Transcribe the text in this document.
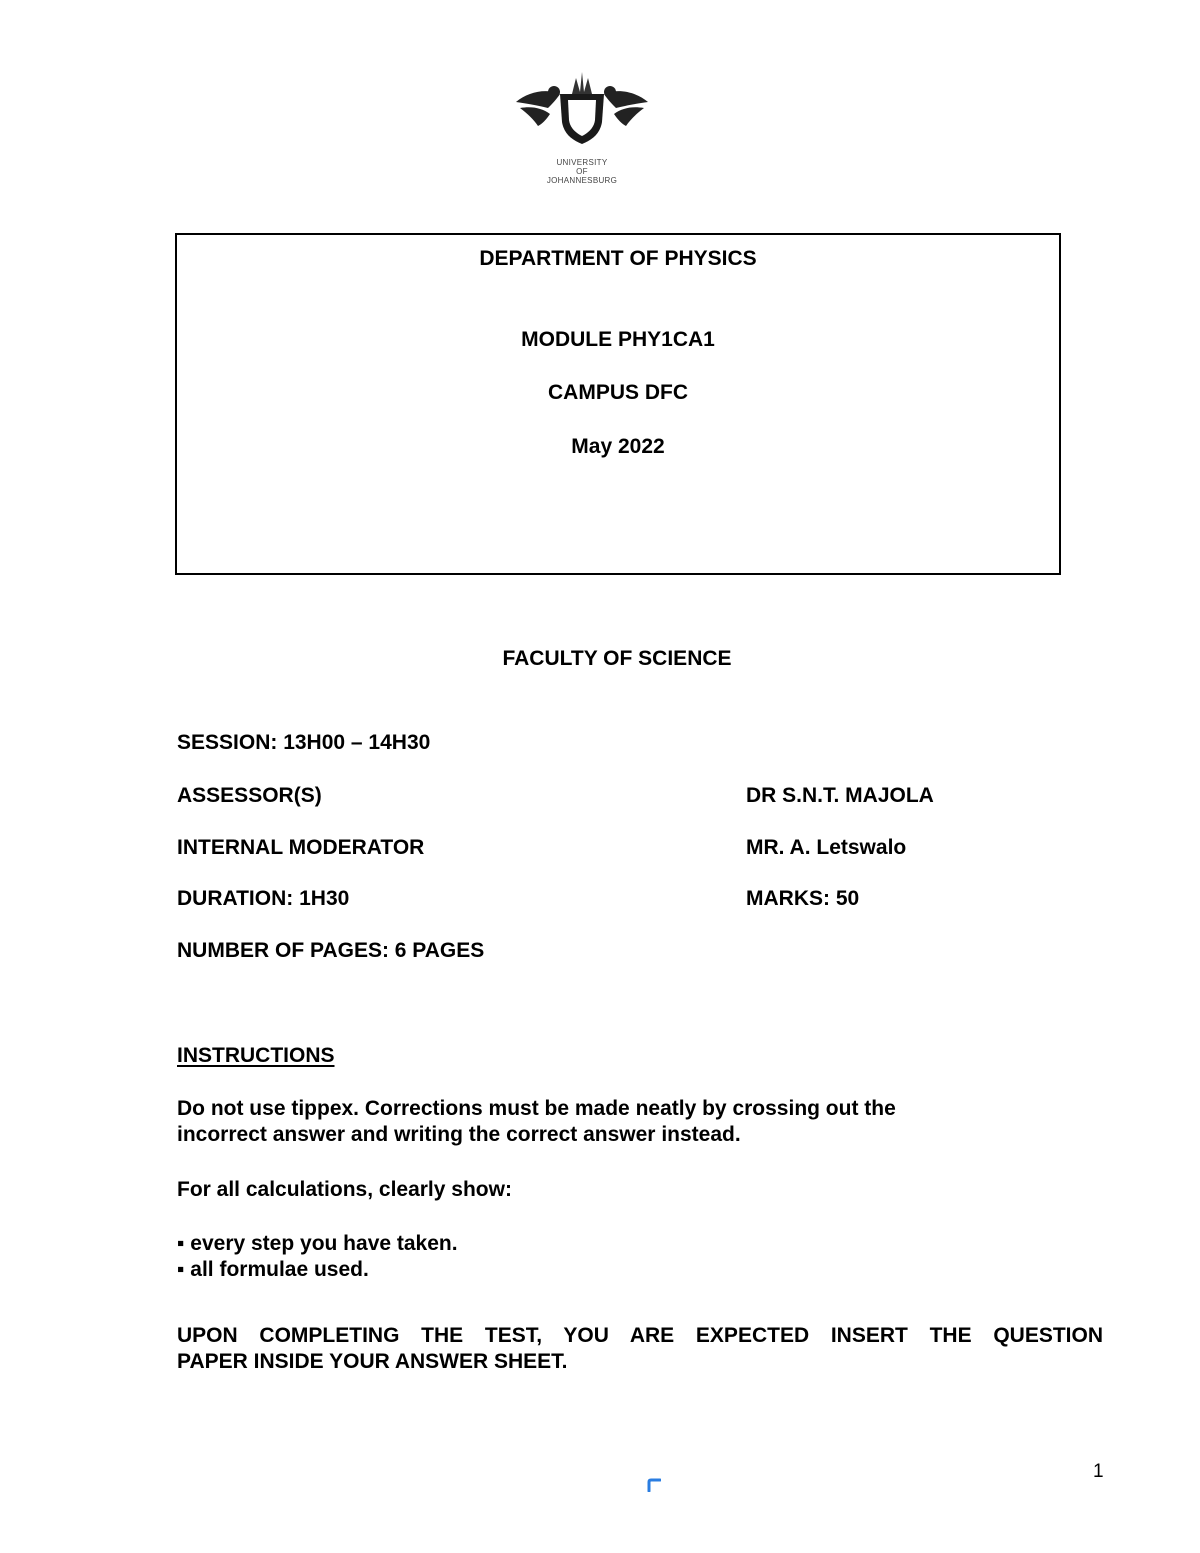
UNIVERSITY
OF
JOHANNESBURG
DEPARTMENT OF PHYSICS
MODULE PHY1CA1
CAMPUS DFC
May 2022
FACULTY OF SCIENCE
SESSION: 13H00 – 14H30
ASSESSOR(S)	DR S.N.T. MAJOLA
INTERNAL MODERATOR	MR. A. Letswalo
DURATION: 1H30	MARKS: 50
NUMBER OF PAGES: 6 PAGES
INSTRUCTIONS
Do not use tippex. Corrections must be made neatly by crossing out the
incorrect answer and writing the correct answer instead.
For all calculations, clearly show:
▪ every step you have taken.
▪ all formulae used.
UPON COMPLETING THE TEST, YOU ARE EXPECTED INSERT THE QUESTION
PAPER INSIDE YOUR ANSWER SHEET.
1
